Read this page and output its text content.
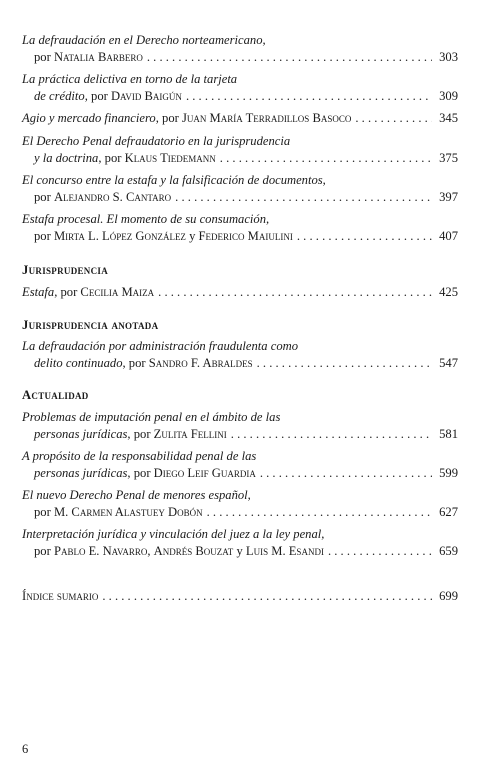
La defraudación en el Derecho norteamericano,
por Natalia Barbero . . .	303
La práctica delictiva en torno de la tarjeta
de crédito , por David Baigún . . .	309
Agio y mercado financiero , por Juan María Terradillos Basoco . . .	345
El Derecho Penal defraudatorio en la jurisprudencia
y la doctrina , por Klaus Tiedemann . . .	375
El concurso entre la estafa y la falsificación de documentos,
por Alejandro S. Cantaro . . .	397
Estafa procesal. El momento de su consumación,
por Mirta L. López González y Federico Maiulini . . .	407
Jurisprudencia
Estafa , por Cecilia Maiza . . .	425
Jurisprudencia anotada
La defraudación por administración fraudulenta como
delito continuado , por Sandro F. Abraldes . . .	547
Actualidad
Problemas de imputación penal en el ámbito de las
personas jurídicas , por Zulita Fellini . . .	581
A propósito de la responsabilidad penal de las
personas jurídicas , por Diego Leif Guardia . . .	599
El nuevo Derecho Penal de menores español,
por M. Carmen Alastuey Dobón . . .	627
Interpretación jurídica y vinculación del juez a la ley penal,
por Pablo E. Navarro , Andrés Bouzat y Luis M. Esandi . . .	659
Índice sumario . . .	699
6
